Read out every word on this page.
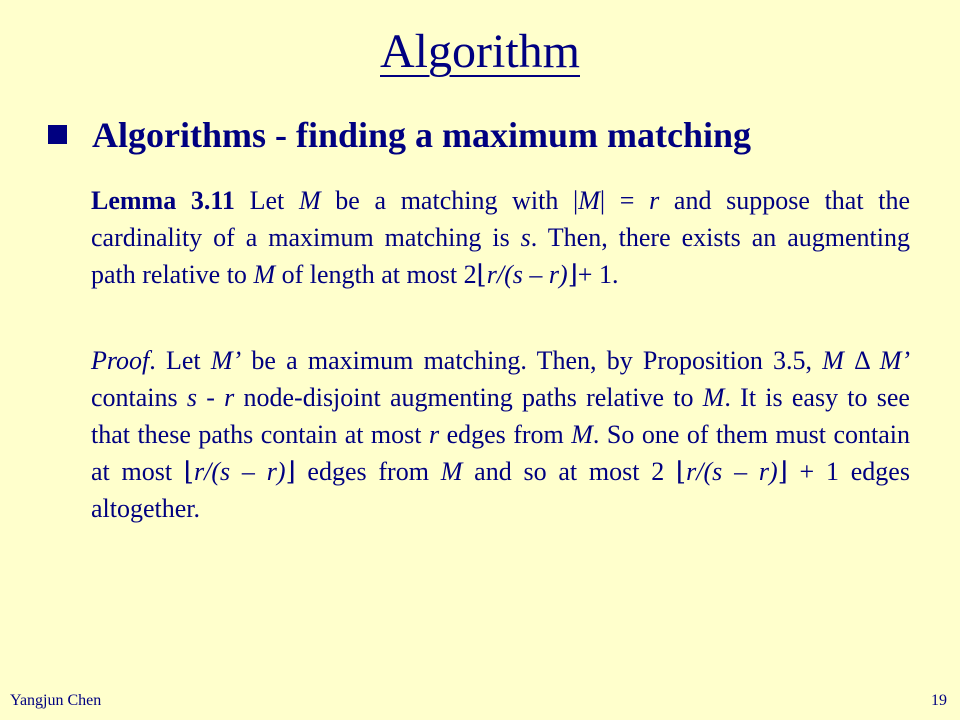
Algorithm
Algorithms - finding a maximum matching
Lemma 3.11 Let M be a matching with |M| = r and suppose that the cardinality of a maximum matching is s. Then, there exists an augmenting path relative to M of length at most 2⌊r/(s – r)⌋+ 1.
Proof. Let M’ be a maximum matching. Then, by Proposition 3.5, M Δ M’ contains s - r node-disjoint augmenting paths relative to M. It is easy to see that these paths contain at most r edges from M. So one of them must contain at most ⌊r/(s – r)⌋ edges from M and so at most 2 ⌊r/(s – r)⌋ + 1 edges altogether.
Yangjun Chen	19
